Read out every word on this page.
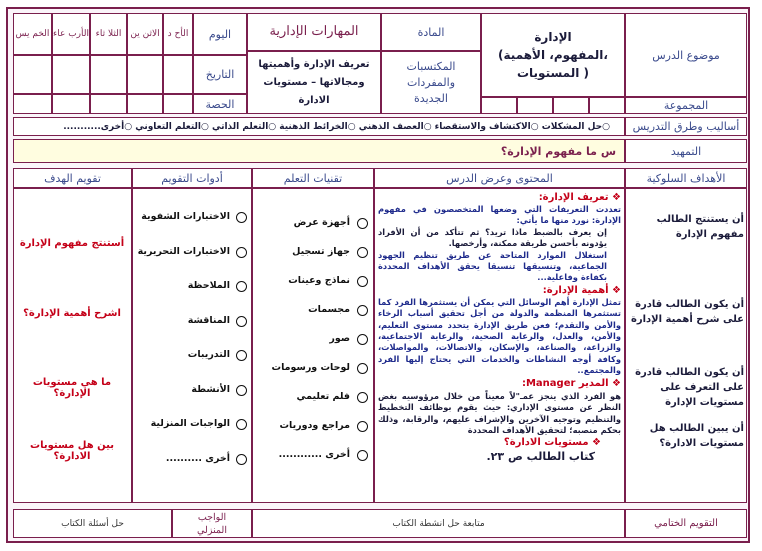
موضوع الدرس
الإدارة
(المفهوم، الأهمية،
المستويات )
المادة
المهارات الإدارية
المكتسبات والمفردات الجديدة
تعريف الإدارة وأهميتها ومجالاتها – مستويات الادارة
اليوم
التاريخ
الحصة
الخم يس الأرب عاء الثلا ثاء	الاثن ين الأح د
المجموعة
أساليب وطرق التدريس
○حل المشكلات ○الاكتشاف والاستقصاء ○العصف الذهني ○الخرائط الذهنية ○التعلم الذاتي ○التعلم التعاوني ○أخرى...........
التمهيد
س ما مفهوم الإدارة؟
الأهداف السلوكية
المحتوى وعرض الدرس
تقنيات التعلم
أدوات التقويم
تقويم الهدف
أن يستنتج الطالب مفهوم الإدارة
أن يكون الطالب قادرة على شرح أهمية الإدارة
أن يكون الطالب قادرة على التعرف على مستويات الإدارة
أن يبين الطالب هل مستويات الادارة؟

❖ تعريف الإدارة:

تعددت التعريفات التي وضعها المتخصصون في مفهوم الإدارة: نورد منها ما يأتي:

إن يعرف بالضبط ماذا تريد؟ ثم تتأكد من أن الأفراد يؤدونه بأحسن طريقة ممكنة، وأرخصها.

استغلال الموارد المتاحة عن طريق تنظيم الجهود الجماعية، وتنسيقها تنسيقا يحقق الأهداف المحددة بكفاءة وفاعلية...

❖ أهمية الإدارة:

تمثل الإدارة أهم الوسائل التي يمكن أن يستثمرها الفرد كما تستثمرها المنظمة والدولة من أجل تحقيق أسباب الرخاء والأمن والتقدم؛ فعن طريق الإدارة يتحدد مستوى التعليم، والأمن، والعدل، والرعاية الصحية، والرعاية الاجتماعية، والزراعة، والصناعة، والإسكان، والاتصالات، والمواصلات، وكافة أوجه النشاطات والخدمات التي يحتاج إليها الفرد والمجتمع..

❖ المدير Manager:

هو الفرد الذي ينجز عمـ"لاً معيناً من خلال مرؤوسيه بغض النظر عن مستوى الإداري: حيث يقوم بوظائف التخطيط والتنظيم وتوجيه الآخرين والإشراف عليهم، والرقابة، وذلك بحكم منصبه؛ لتحقيق الأهداف المحددة

❖ مستويات الادارة؟

كتاب الطالب ص ٢٣.

أجهزة عرض
جهاز تسجيل
نماذج وعينات
مجسمات
صور
لوحات ورسومات
فلم تعليمي
مراجع ودوريات
أخرى ............
الاختبارات الشفوية
الاختبارات التحريرية
الملاحظة
المناقشة
التدريبات
الأنشطة
الواجبات المنزلية
أخرى ..........
أستنتج مفهوم الإدارة
اشرح أهمية الإدارة؟
ما هي مستويات الإدارة؟
بين هل مستويات الادارة؟
التقويم الختامي
متابعة حل انشطة الكتاب
الواجب المنزلي
حل أسئلة الكتاب
